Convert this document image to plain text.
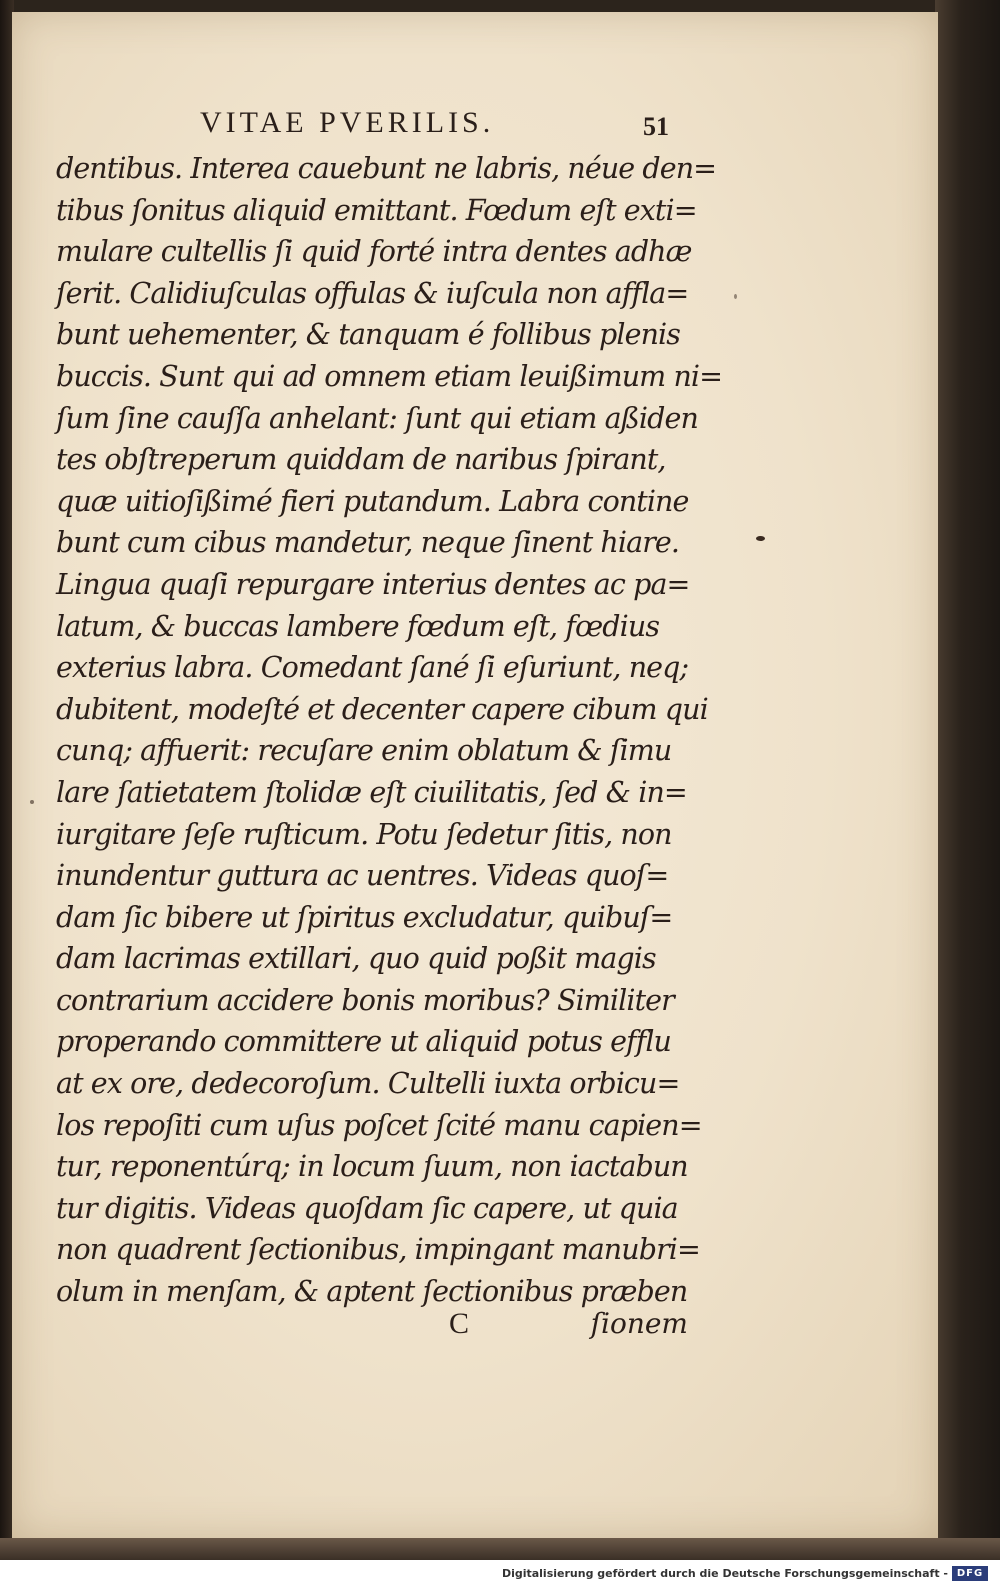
VITAE PVERILIS.	51
dentibus. Interea cauebunt ne labris, néue den=
tibus ſonitus aliquid emittant. Fœdum eſt exti=
mulare cultellis ſi quid forté intra dentes adhæ
ſerit. Calidiuſculas offulas & iuſcula non affla=
bunt uehementer, & tanquam é follibus plenis
buccis. Sunt qui ad omnem etiam leuißimum ni=
ſum ſine cauſſa anhelant: ſunt qui etiam aßiden
tes obſtreperum quiddam de naribus ſpirant,
quæ uitioſißimé fieri putandum. Labra contine
bunt cum cibus mandetur, neque ſinent hiare.
Lingua quaſi repurgare interius dentes ac pa=
latum, & buccas lambere fœdum eſt, fœdius
exterius labra. Comedant ſané ſi eſuriunt, neq;
dubitent, modeſté et decenter capere cibum qui
cunq; affuerit: recuſare enim oblatum & ſimu
lare ſatietatem ſtolidæ eſt ciuilitatis, ſed & in=
iurgitare ſeſe ruſticum. Potu ſedetur ſitis, non
inundentur guttura ac uentres. Videas quoſ=
dam ſic bibere ut ſpiritus excludatur, quibuſ=
dam lacrimas extillari, quo quid poßit magis
contrarium accidere bonis moribus? Similiter
properando committere ut aliquid potus efflu
at ex ore, dedecoroſum. Cultelli iuxta orbicu=
los repoſiti cum uſus poſcet ſcité manu capien=
tur, reponentúrq; in locum ſuum, non iactabun
tur digitis. Videas quoſdam ſic capere, ut quia
non quadrent ſectionibus, impingant manubri=
olum in menſam, & aptent ſectionibus præben
C	ſionem
Digitalisierung gefördert durch die Deutsche Forschungsgemeinschaft - DFG
